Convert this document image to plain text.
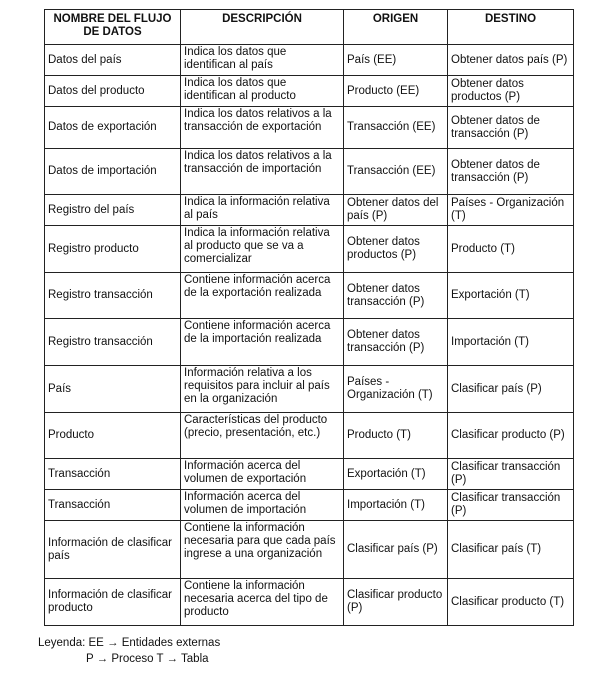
NOMBRE DEL FLUJO DE DATOS	DESCRIPCIÓN	ORIGEN	DESTINO
Datos del país	Indica los datos que identifican al país	País (EE)	Obtener datos país (P)
Datos del producto	Indica los datos que identifican al producto	Producto (EE)	Obtener datos productos (P)
Datos de exportación	Indica los datos relativos a la transacción de exportación	Transacción (EE)	Obtener datos de transacción (P)
Datos de importación	Indica los datos relativos a la transacción de importación	Transacción (EE)	Obtener datos de transacción (P)
Registro del país	Indica la información relativa al país	Obtener datos del país (P)	Países - Organización (T)
Registro producto	Indica la información relativa al producto que se va a comercializar	Obtener datos productos (P)	Producto (T)
Registro transacción	Contiene información acerca de la exportación realizada	Obtener datos transacción (P)	Exportación (T)
Registro transacción	Contiene información acerca de la importación realizada	Obtener datos transacción (P)	Importación (T)
País	Información relativa a los requisitos para incluir al país en la organización	Países - Organización (T)	Clasificar país (P)
Producto	Características del producto (precio, presentación, etc.)	Producto (T)	Clasificar producto (P)
Transacción	Información acerca del volumen de exportación	Exportación (T)	Clasificar transacción (P)
Transacción	Información acerca del volumen de importación	Importación (T)	Clasificar transacción (P)
Información de clasificar país	Contiene la información necesaria para que cada país ingrese a una organización	Clasificar país (P)	Clasificar país (T)
Información de clasificar producto	Contiene la información necesaria acerca del tipo de producto	Clasificar producto (P)	Clasificar producto (T)
Leyenda: EE → Entidades externas
P → Proceso T → Tabla
